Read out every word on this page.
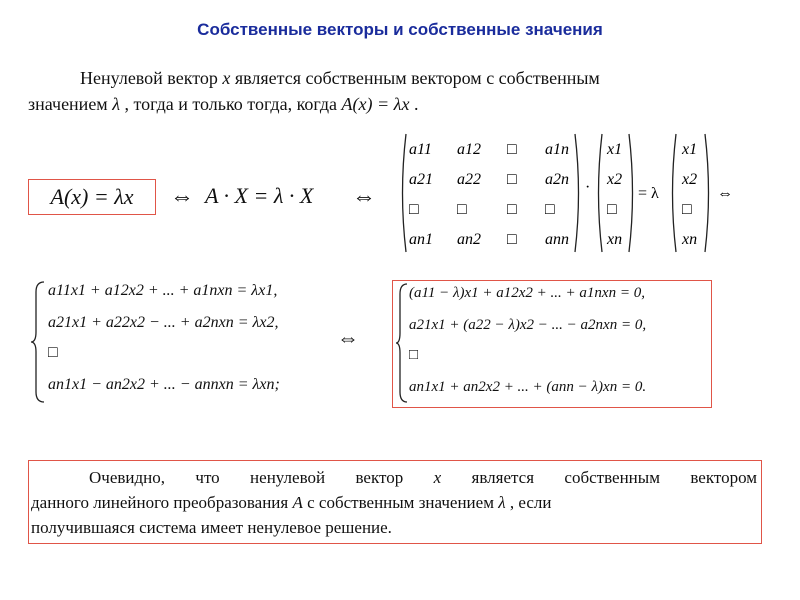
Собственные векторы и собственные значения
Ненулевой вектор x является собственным вектором с собственным
значением λ , тогда и только тогда, когда A(x) = λx .
A(x) = λx ⇔ A · X = λ · X ⇔
a11 a12 □ a1n
a21 a22 □ a2n
□ □	□ □
an1 an2 □ ann
·
x1
x2
□
xn
= λ
x1
x2
□
xn
⇔
a11x1 + a12x2 + ... + a1nxn = λx1,
a21x1 + a22x2 − ... + a2nxn = λx2,
□
an1x1 − an2x2 + ... − annxn = λxn;
⇔
(a11 − λ)x1 + a12x2 + ... + a1nxn = 0,
a21x1 + (a22 − λ)x2 − ... − a2nxn = 0,
□
an1x1 + an2x2 + ... + (ann − λ)xn = 0.
Очевидно, что ненулевой вектор x является собственным вектором
данного линейного преобразования A с собственным значением λ , если
получившаяся система имеет ненулевое решение.
